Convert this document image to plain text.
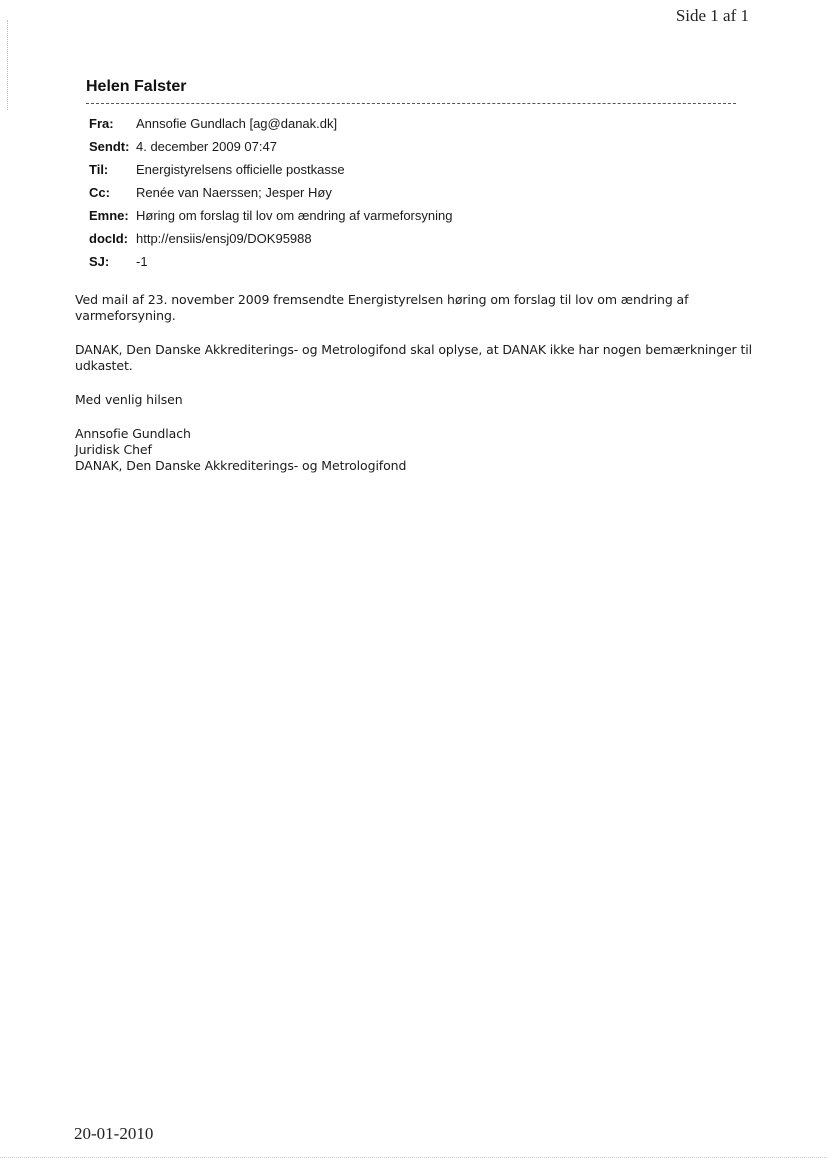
Side 1 af 1
Helen Falster
Fra:	Annsofie Gundlach [ag@danak.dk]
Sendt: 4. december 2009 07:47
Til:	Energistyrelsens officielle postkasse
Cc:	Renée van Naerssen; Jesper Høy
Emne: Høring om forslag til lov om ændring af varmeforsyning
docId: http://ensiis/ensj09/DOK95988
SJ:	-1

Ved mail af 23. november 2009 fremsendte Energistyrelsen høring om forslag til lov om ændring af varmeforsyning.

DANAK, Den Danske Akkrediterings- og Metrologifond skal oplyse, at DANAK ikke har nogen bemærkninger til udkastet.

Med venlig hilsen

Annsofie Gundlach
Juridisk Chef
DANAK, Den Danske Akkrediterings- og Metrologifond
20-01-2010
